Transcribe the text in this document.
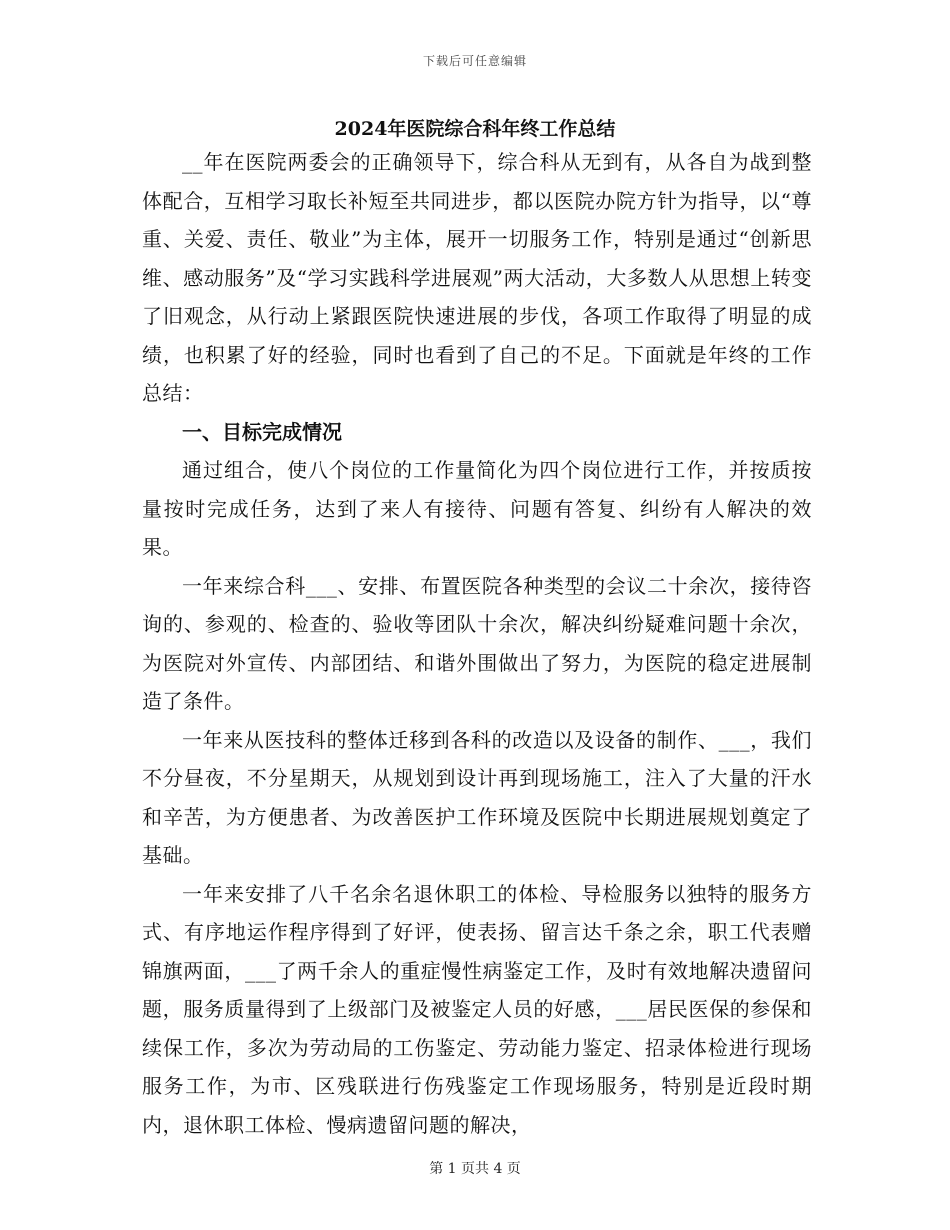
下载后可任意编辑
2024年医院综合科年终工作总结

__年在医院两委会的正确领导下，综合科从无到有，从各自为战到整体配合，互相学习取长补短至共同进步，都以医院办院方针为指导，以“尊重、关爱、责任、敬业”为主体，展开一切服务工作，特别是通过“创新思维、感动服务”及“学习实践科学进展观”两大活动，大多数人从思想上转变了旧观念，从行动上紧跟医院快速进展的步伐，各项工作取得了明显的成绩，也积累了好的经验，同时也看到了自己的不足。下面就是年终的工作总结：

一、目标完成情况

通过组合，使八个岗位的工作量简化为四个岗位进行工作，并按质按量按时完成任务，达到了来人有接待、问题有答复、纠纷有人解决的效果。

一年来综合科___、安排、布置医院各种类型的会议二十余次，接待咨询的、参观的、检查的、验收等团队十余次，解决纠纷疑难问题十余次，为医院对外宣传、内部团结、和谐外围做出了努力，为医院的稳定进展制造了条件。

一年来从医技科的整体迁移到各科的改造以及设备的制作、___，我们不分昼夜，不分星期天，从规划到设计再到现场施工，注入了大量的汗水和辛苦，为方便患者、为改善医护工作环境及医院中长期进展规划奠定了基础。

一年来安排了八千名余名退休职工的体检、导检服务以独特的服务方式、有序地运作程序得到了好评，使表扬、留言达千条之余，职工代表赠锦旗两面，___了两千余人的重症慢性病鉴定工作，及时有效地解决遗留问题，服务质量得到了上级部门及被鉴定人员的好感，___居民医保的参保和续保工作，多次为劳动局的工伤鉴定、劳动能力鉴定、招录体检进行现场服务工作，为市、区残联进行伤残鉴定工作现场服务，特别是近段时期内，退休职工体检、慢病遗留问题的解决，

第 1 页共 4 页
